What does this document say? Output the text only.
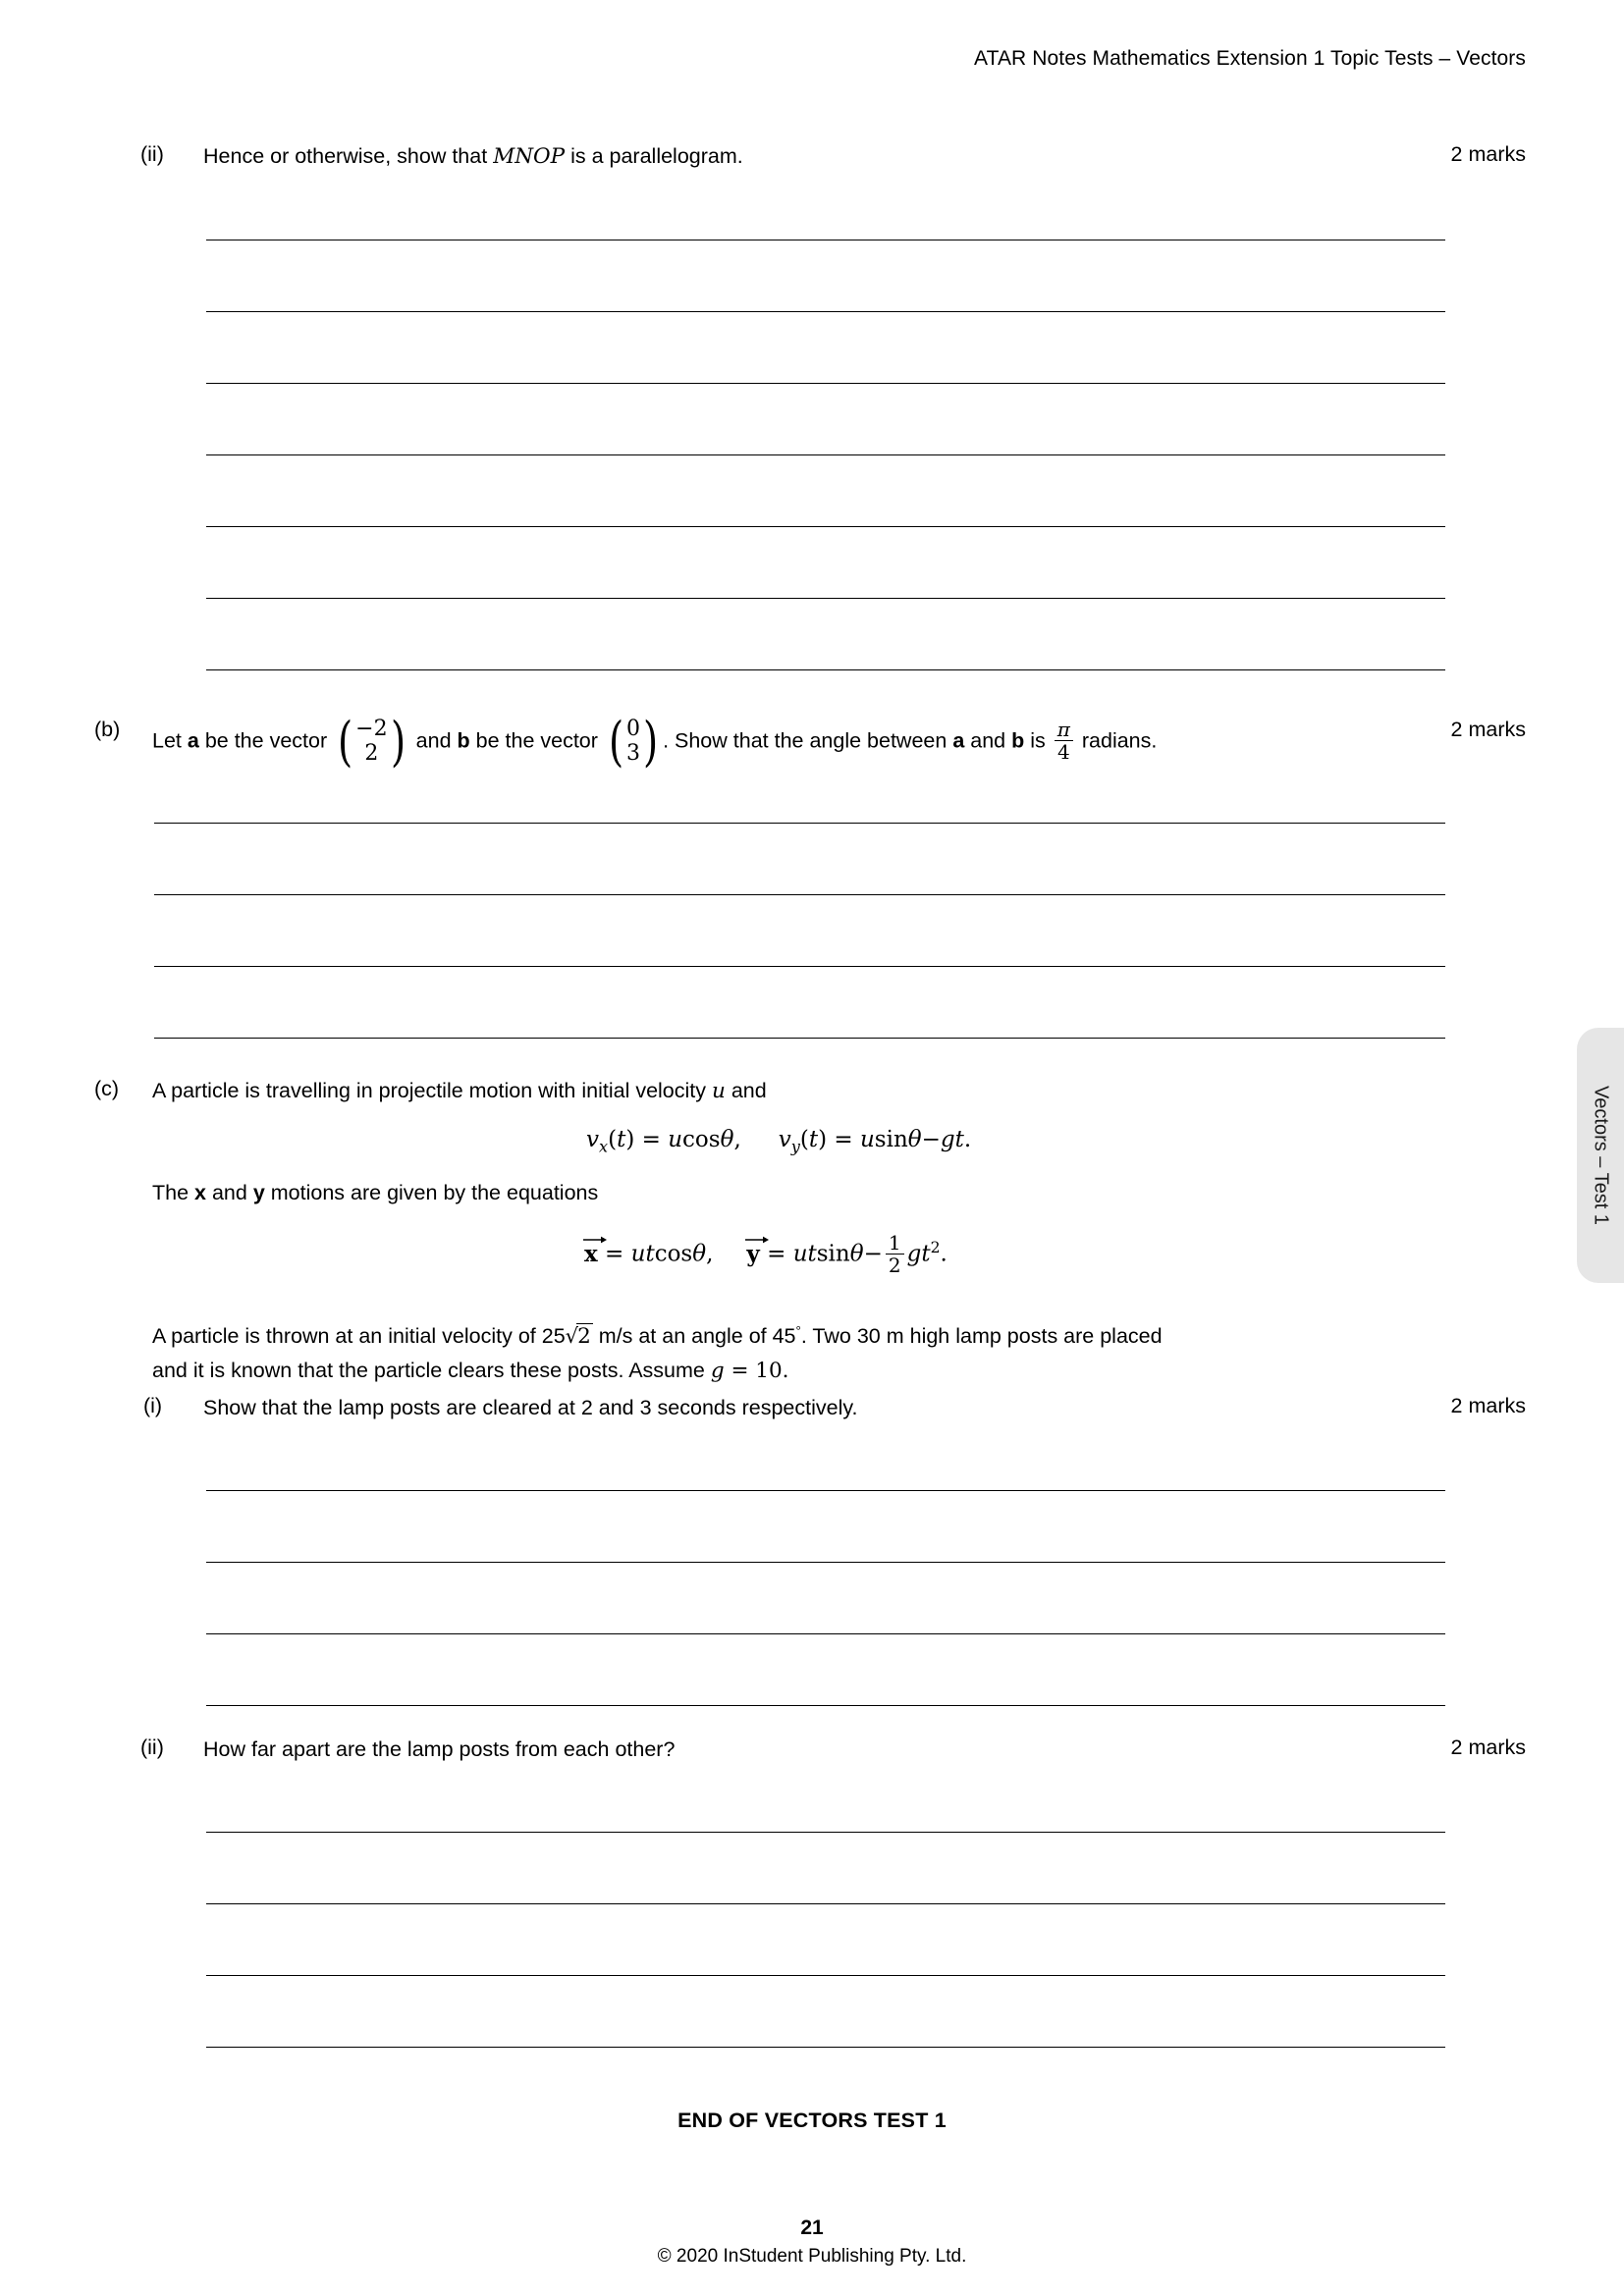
ATAR Notes Mathematics Extension 1 Topic Tests – Vectors
Vectors – Test 1
(ii) Hence or otherwise, show that MNOP is a parallelogram.	2 marks
(b) Let a be the vector ( −2
2 ) and b be the vector ( 0
3) . Show that the angle between a and b is $\frac{\pi}{4}$ radians.	2 marks
(c) A particle is travelling in projectile motion with initial velocity u and
$v_x(t) = ucos\theta$, $v_y(t) = usin\theta-gt$.
The x and y motions are given by the equations
x = utcosθ, $y = utsin\theta- \frac{1}{2} gt^2$.
A particle is thrown at an initial velocity of 25√2 m/s at an angle of 45°. Two 30 m high lamp posts are placed
and it is known that the particle clears these posts. Assume g = 10.
(i) Show that the lamp posts are cleared at 2 and 3 seconds respectively.	2 marks
(ii) How far apart are the lamp posts from each other?	2 marks
END OF VECTORS TEST 1
21
© 2020 InStudent Publishing Pty. Ltd.
